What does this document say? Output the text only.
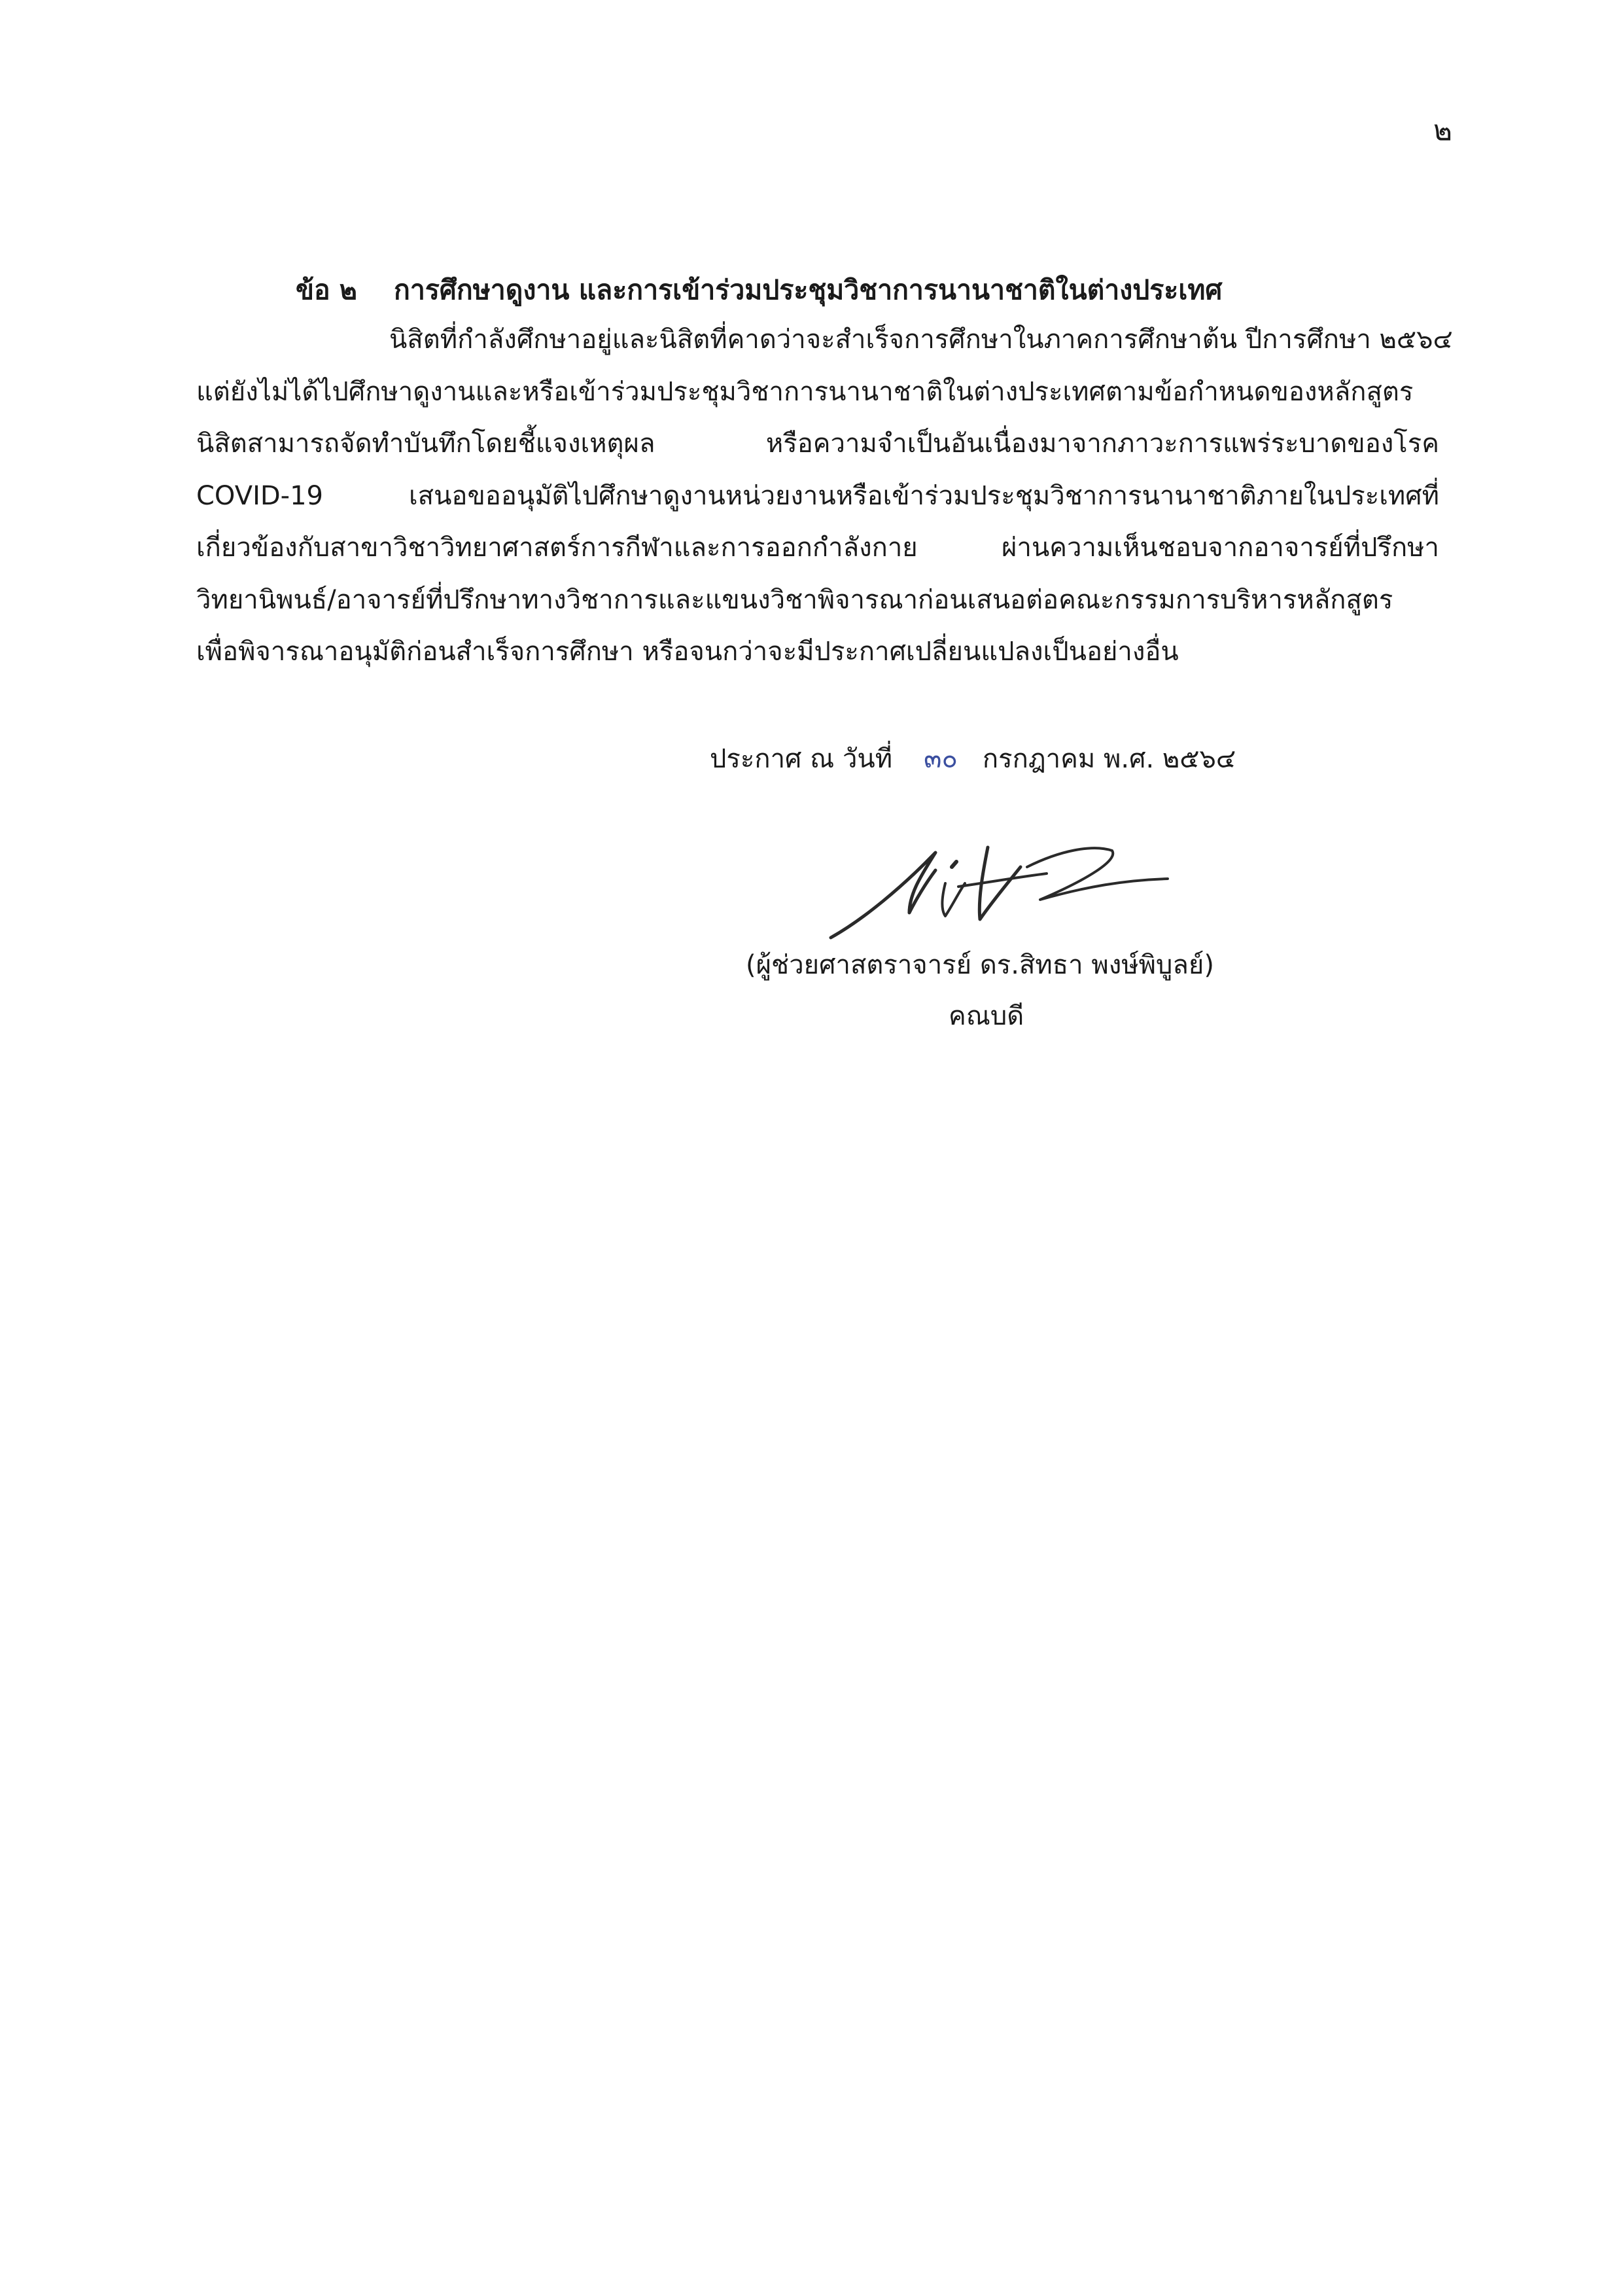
๒
ข้อ ๒ การศึกษาดูงาน และการเข้าร่วมประชุมวิชาการนานาชาติในต่างประเทศ
นิสิตที่กำลังศึกษาอยู่และนิสิตที่คาดว่าจะสำเร็จการศึกษาในภาคการศึกษาต้น ปีการศึกษา ๒๕๖๔
แต่ยังไม่ได้ไปศึกษาดูงานและหรือเข้าร่วมประชุมวิชาการนานาชาติในต่างประเทศตามข้อกำหนดของหลักสูตร
นิสิตสามารถจัดทำบันทึกโดยชี้แจงเหตุผล หรือความจำเป็นอันเนื่องมาจากภาวะการแพร่ระบาดของโรค
COVID-19 เสนอขออนุมัติไปศึกษาดูงานหน่วยงานหรือเข้าร่วมประชุมวิชาการนานาชาติภายในประเทศที่
เกี่ยวข้องกับสาขาวิชาวิทยาศาสตร์การกีฬาและการออกกำลังกาย ผ่านความเห็นชอบจากอาจารย์ที่ปรึกษา
วิทยานิพนธ์/อาจารย์ที่ปรึกษาทางวิชาการและแขนงวิชาพิจารณาก่อนเสนอต่อคณะกรรมการบริหารหลักสูตร
เพื่อพิจารณาอนุมัติก่อนสำเร็จการศึกษา หรือจนกว่าจะมีประกาศเปลี่ยนแปลงเป็นอย่างอื่น
ประกาศ ณ วันที่ ๓๐ กรกฎาคม พ.ศ. ๒๕๖๔
(ผู้ช่วยศาสตราจารย์ ดร.สิทธา พงษ์พิบูลย์)
คณบดี
